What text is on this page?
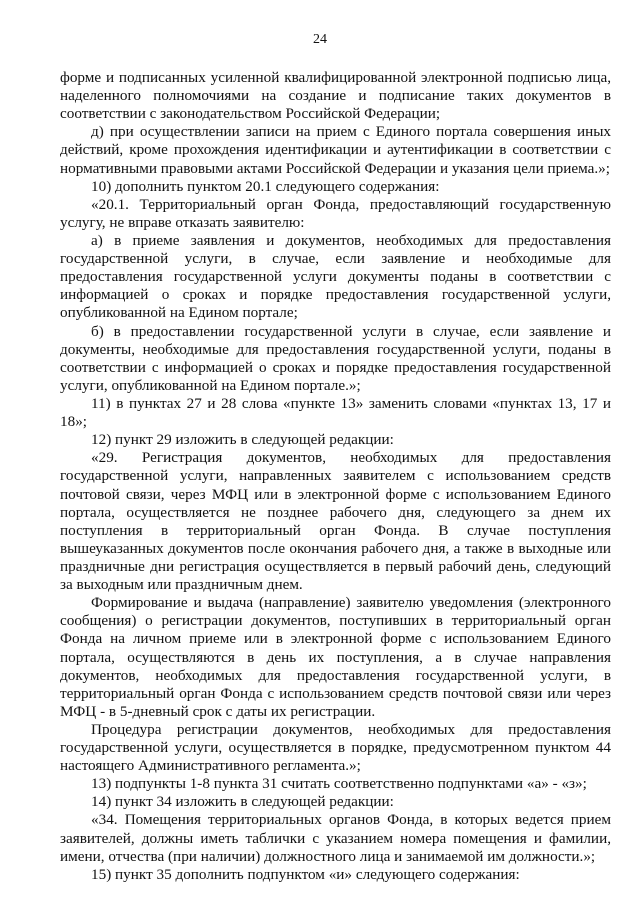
24

форме и подписанных усиленной квалифицированной электронной подписью лица, наделенного полномочиями на создание и подписание таких документов в соответствии с законодательством Российской Федерации;

д) при осуществлении записи на прием с Единого портала совершения иных действий, кроме прохождения идентификации и аутентификации в соответствии с нормативными правовыми актами Российской Федерации и указания цели приема.»;

10) дополнить пунктом 20.1 следующего содержания:

«20.1. Территориальный орган Фонда, предоставляющий государственную услугу, не вправе отказать заявителю:

а) в приеме заявления и документов, необходимых для предоставления государственной услуги, в случае, если заявление и необходимые для предоставления государственной услуги документы поданы в соответствии с информацией о сроках и порядке предоставления государственной услуги, опубликованной на Едином портале;

б) в предоставлении государственной услуги в случае, если заявление и документы, необходимые для предоставления государственной услуги, поданы в соответствии с информацией о сроках и порядке предоставления государственной услуги, опубликованной на Едином портале.»;

11) в пунктах 27 и 28 слова «пункте 13» заменить словами «пунктах 13, 17 и 18»;

12) пункт 29 изложить в следующей редакции:

«29. Регистрация документов, необходимых для предоставления государственной услуги, направленных заявителем с использованием средств почтовой связи, через МФЦ или в электронной форме с использованием Единого портала, осуществляется не позднее рабочего дня, следующего за днем их поступления в территориальный орган Фонда. В случае поступления вышеуказанных документов после окончания рабочего дня, а также в выходные или праздничные дни регистрация осуществляется в первый рабочий день, следующий за выходным или праздничным днем.

Формирование и выдача (направление) заявителю уведомления (электронного сообщения) о регистрации документов, поступивших в территориальный орган Фонда на личном приеме или в электронной форме с использованием Единого портала, осуществляются в день их поступления, а в случае направления документов, необходимых для предоставления государственной услуги, в территориальный орган Фонда с использованием средств почтовой связи или через МФЦ - в 5-дневный срок с даты их регистрации.

Процедура регистрации документов, необходимых для предоставления государственной услуги, осуществляется в порядке, предусмотренном пунктом 44 настоящего Административного регламента.»;

13) подпункты 1-8 пункта 31 считать соответственно подпунктами «а» - «з»;

14) пункт 34 изложить в следующей редакции:

«34. Помещения территориальных органов Фонда, в которых ведется прием заявителей, должны иметь таблички с указанием номера помещения и фамилии, имени, отчества (при наличии) должностного лица и занимаемой им должности.»;

15) пункт 35 дополнить подпунктом «и» следующего содержания:
